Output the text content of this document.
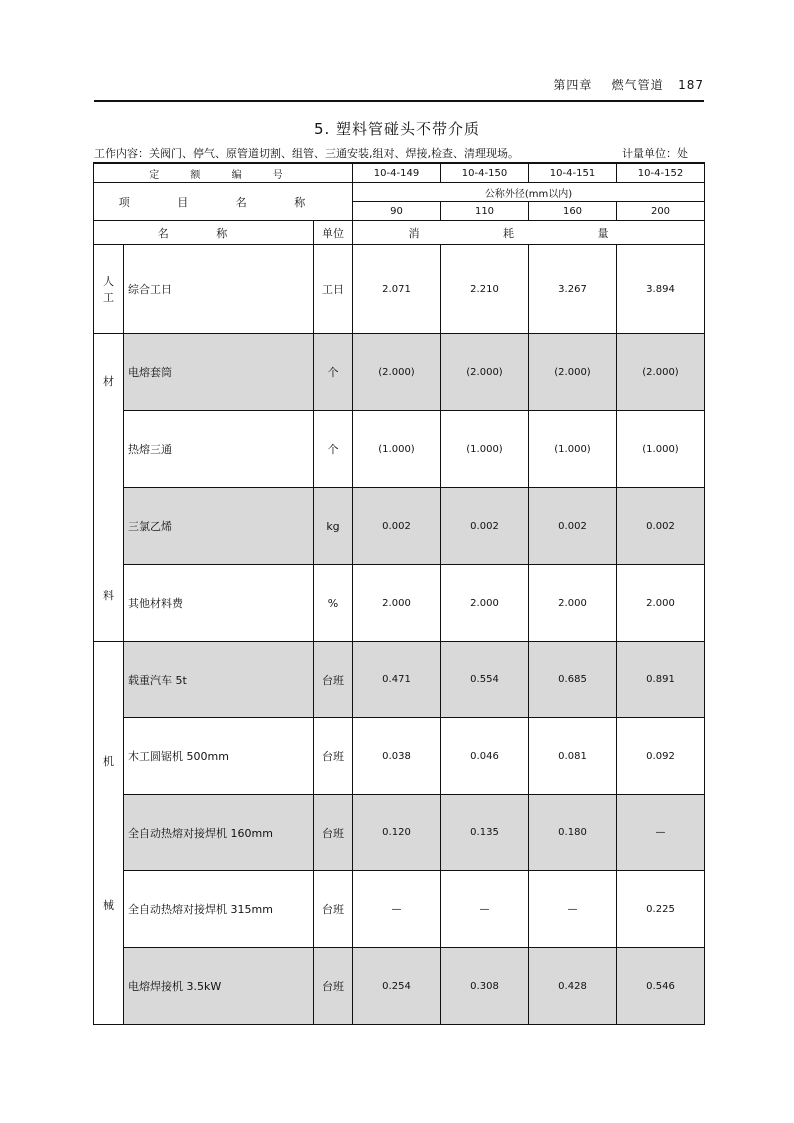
第四章 燃气管道 187
5. 塑料管碰头不带介质
工作内容：关阀门、停气、原管道切割、组管、三通安装,组对、焊接,检查、清理现场。	计量单位：处
定 额 编 号			10-4-149	10-4-150	10-4-151	10-4-152
项 目 名 称			公称外径(mm以内)			
			90	110	160	200
名 称		单位	消 耗 量			

人
工	综合工日	工日	2.071	2.210	3.267	3.894

材
料	电熔套筒	个	(2.000)	(2.000)	(2.000)	(2.000)
	热熔三通	个	(1.000)	(1.000)	(1.000)	(1.000)
	三氯乙烯	kg	0.002	0.002	0.002	0.002
	其他材料费	%	2.000	2.000	2.000	2.000

机
械	载重汽车 5t	台班	0.471	0.554	0.685	0.891
	木工圆锯机 500mm	台班	0.038	0.046	0.081	0.092
	全自动热熔对接焊机 160mm	台班	0.120	0.135	0.180	—
	全自动热熔对接焊机 315mm	台班	—	—	—	0.225
	电熔焊接机 3.5kW	台班	0.254	0.308	0.428	0.546
